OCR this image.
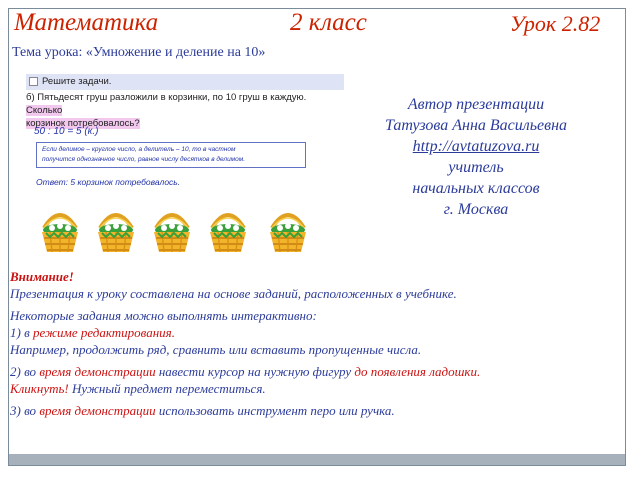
Математика	2 класс	Урок 2.82
Тема урока: «Умножение и деление на 10»
Решите задачи.
б) Пятьдесят груш разложили в корзинки, по 10 груш в каждую. Сколько
корзинок потребовалось?
50 : 10 = 5 (к.)
Если делимое – круглое число, а делитель – 10, то в частном
получится однозначное число, равное числу десятков в делимом.
Ответ: 5 корзинок потребовалось.
Автор презентации
Татузова Анна Васильевна
http://avtatuzova.ru
учитель
начальных классов
г. Москва

Внимание!

Презентация к уроку составлена на основе заданий, расположенных в учебнике.

Некоторые задания можно выполнять интерактивно:

1) в режиме редактирования.

Например, продолжить ряд, сравнить или вставить пропущенные числа.

2) во время демонстрации навести курсор на нужную фигуру до появления ладошки.

Кликнуть! Нужный предмет переместиться.

3) во время демонстрации использовать инструмент перо или ручка.
